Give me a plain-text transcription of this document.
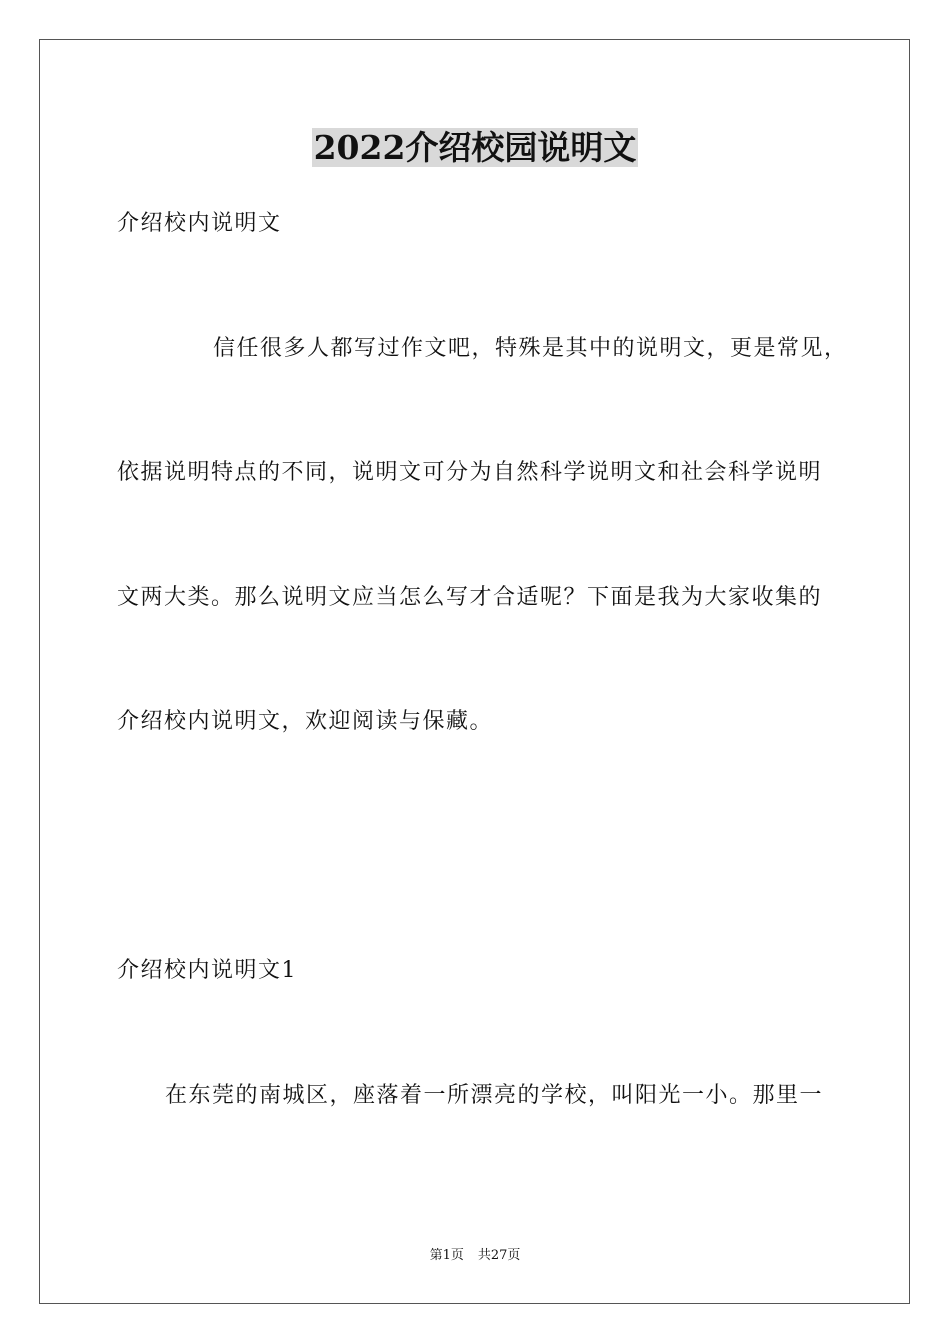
2022介绍校园说明文
介绍校内说明文
信任很多人都写过作文吧，特殊是其中的说明文，更是常见，
依据说明特点的不同，说明文可分为自然科学说明文和社会科学说明
文两大类。那么说明文应当怎么写才合适呢？下面是我为大家收集的
介绍校内说明文，欢迎阅读与保藏。
介绍校内说明文1
在东莞的南城区，座落着一所漂亮的学校，叫阳光一小。那里一
第1页 共27页
